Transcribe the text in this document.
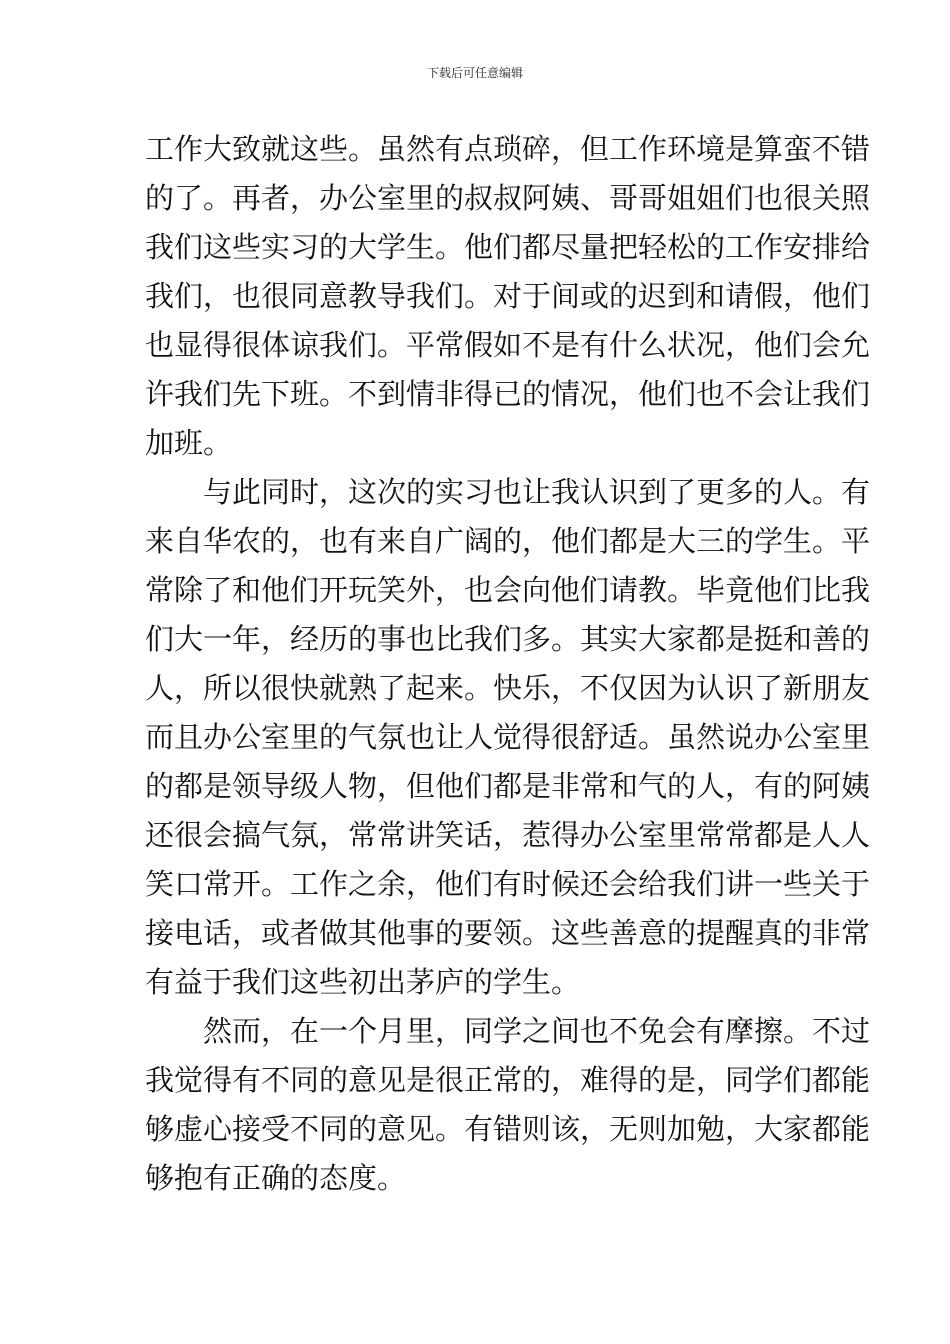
下载后可任意编辑

工作大致就这些。虽然有点琐碎，但工作环境是算蛮不错
的了。再者，办公室里的叔叔阿姨、哥哥姐姐们也很关照
我们这些实习的大学生。他们都尽量把轻松的工作安排给
我们，也很同意教导我们。对于间或的迟到和请假，他们
也显得很体谅我们。平常假如不是有什么状况，他们会允
许我们先下班。不到情非得已的情况，他们也不会让我们
加班。

与此同时，这次的实习也让我认识到了更多的人。有
来自华农的，也有来自广阔的，他们都是大三的学生。平
常除了和他们开玩笑外，也会向他们请教。毕竟他们比我
们大一年，经历的事也比我们多。其实大家都是挺和善的
人，所以很快就熟了起来。快乐，不仅因为认识了新朋友
而且办公室里的气氛也让人觉得很舒适。虽然说办公室里
的都是领导级人物，但他们都是非常和气的人，有的阿姨
还很会搞气氛，常常讲笑话，惹得办公室里常常都是人人
笑口常开。工作之余，他们有时候还会给我们讲一些关于
接电话，或者做其他事的要领。这些善意的提醒真的非常
有益于我们这些初出茅庐的学生。

然而，在一个月里，同学之间也不免会有摩擦。不过
我觉得有不同的意见是很正常的，难得的是，同学们都能
够虚心接受不同的意见。有错则该，无则加勉，大家都能
够抱有正确的态度。
